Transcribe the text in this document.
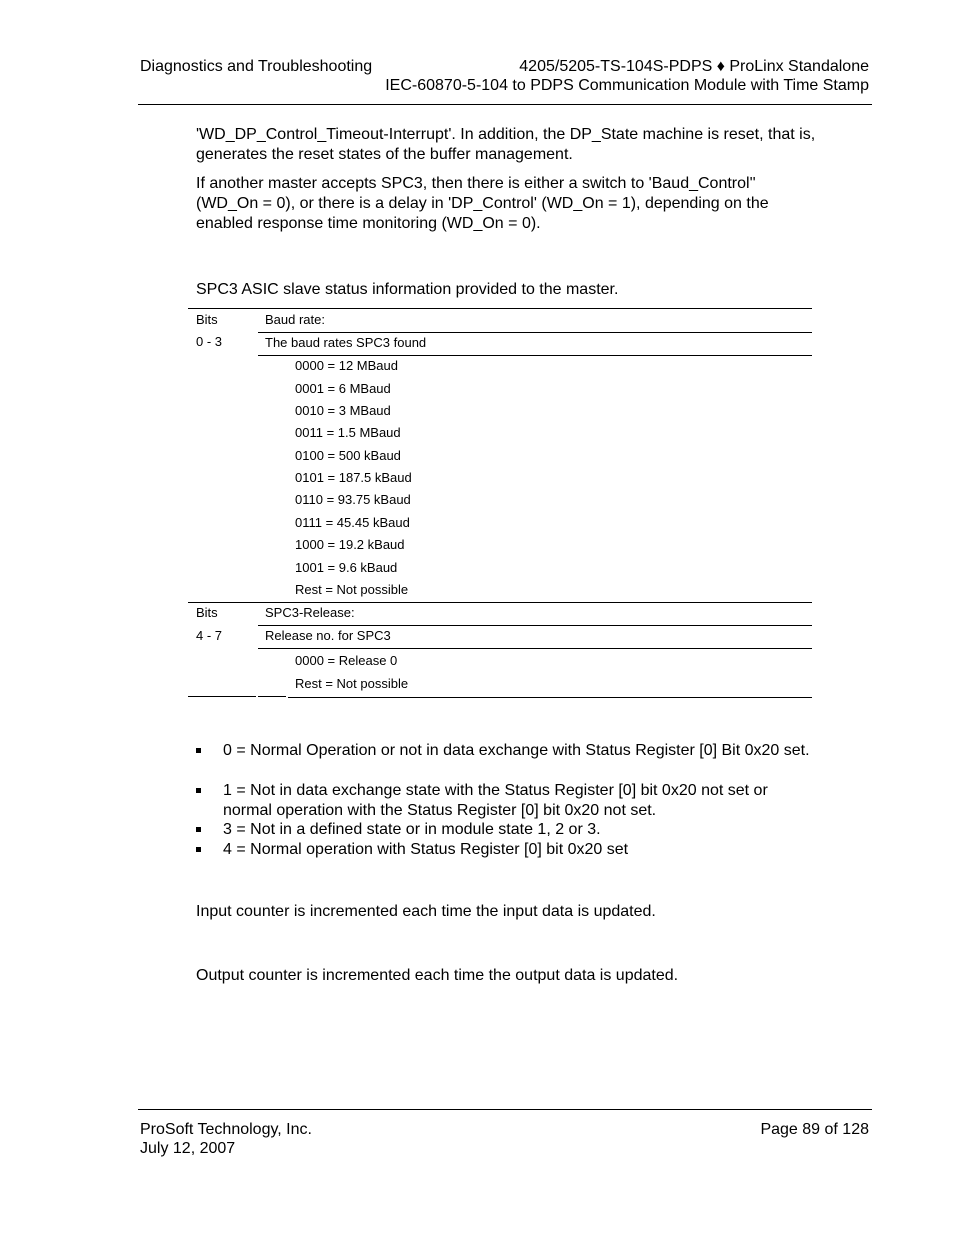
Diagnostics and Troubleshooting	4205/5205-TS-104S-PDPS ♦ ProLinx Standalone
IEC-60870-5-104 to PDPS Communication Module with Time Stamp
'WD_DP_Control_Timeout-Interrupt'. In addition, the DP_State machine is reset, that is, generates the reset states of the buffer management.
If another master accepts SPC3, then there is either a switch to 'Baud_Control'' (WD_On = 0), or there is a delay in 'DP_Control' (WD_On = 1), depending on the enabled response time monitoring (WD_On = 0).
SPC3 ASIC slave status information provided to the master.
Bits	Baud rate:
0 - 3	The baud rates SPC3 found
0000 = 12 MBaud
0001 = 6 MBaud
0010 = 3 MBaud
0011 = 1.5 MBaud
0100 = 500 kBaud
0101 = 187.5 kBaud
0110 = 93.75 kBaud
0111 = 45.45 kBaud
1000 = 19.2 kBaud
1001 = 9.6 kBaud
Rest = Not possible
Bits	SPC3-Release:
4 - 7	Release no. for SPC3
0000 = Release 0
Rest = Not possible
0 = Normal Operation or not in data exchange with Status Register [0] Bit 0x20 set.
1 = Not in data exchange state with the Status Register [0] bit 0x20 not set or normal operation with the Status Register [0] bit 0x20 not set.
3 = Not in a defined state or in module state 1, 2 or 3.
4 = Normal operation with Status Register [0] bit 0x20 set
Input counter is incremented each time the input data is updated.
Output counter is incremented each time the output data is updated.
ProSoft Technology, Inc.
July 12, 2007
Page 89 of 128
